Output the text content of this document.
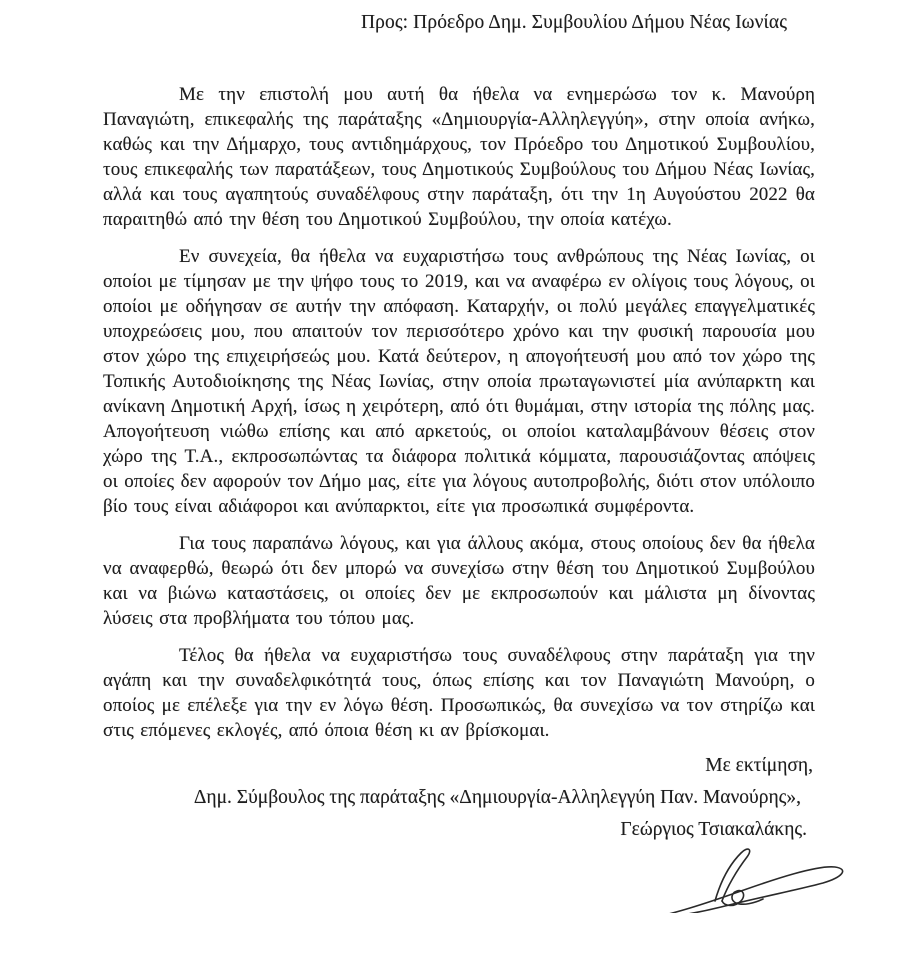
Προς: Πρόεδρο Δημ. Συμβουλίου Δήμου Νέας Ιωνίας

Με την επιστολή μου αυτή θα ήθελα να ενημερώσω τον κ. Μανούρη Παναγιώτη, επικεφαλής της παράταξης «Δημιουργία-Αλληλεγγύη», στην οποία ανήκω, καθώς και την Δήμαρχο, τους αντιδημάρχους, τον Πρόεδρο του Δημοτικού Συμβουλίου, τους επικεφαλής των παρατάξεων, τους Δημοτικούς Συμβούλους του Δήμου Νέας Ιωνίας, αλλά και τους αγαπητούς συναδέλφους στην παράταξη, ότι την 1η Αυγούστου 2022 θα παραιτηθώ από την θέση του Δημοτικού Συμβούλου, την οποία κατέχω.

Εν συνεχεία, θα ήθελα να ευχαριστήσω τους ανθρώπους της Νέας Ιωνίας, οι οποίοι με τίμησαν με την ψήφο τους το 2019, και να αναφέρω εν ολίγοις τους λόγους, οι οποίοι με οδήγησαν σε αυτήν την απόφαση. Καταρχήν, οι πολύ μεγάλες επαγγελματικές υποχρεώσεις μου, που απαιτούν τον περισσότερο χρόνο και την φυσική παρουσία μου στον χώρο της επιχειρήσεώς μου. Κατά δεύτερον, η απογοήτευσή μου από τον χώρο της Τοπικής Αυτοδιοίκησης της Νέας Ιωνίας, στην οποία πρωταγωνιστεί μία ανύπαρκτη και ανίκανη Δημοτική Αρχή, ίσως η χειρότερη, από ότι θυμάμαι, στην ιστορία της πόλης μας. Απογοήτευση νιώθω επίσης και από αρκετούς, οι οποίοι καταλαμβάνουν θέσεις στον χώρο της Τ.Α., εκπροσωπώντας τα διάφορα πολιτικά κόμματα, παρουσιάζοντας απόψεις οι οποίες δεν αφορούν τον Δήμο μας, είτε για λόγους αυτοπροβολής, διότι στον υπόλοιπο βίο τους είναι αδιάφοροι και ανύπαρκτοι, είτε για προσωπικά συμφέροντα.

Για τους παραπάνω λόγους, και για άλλους ακόμα, στους οποίους δεν θα ήθελα να αναφερθώ, θεωρώ ότι δεν μπορώ να συνεχίσω στην θέση του Δημοτικού Συμβούλου και να βιώνω καταστάσεις, οι οποίες δεν με εκπροσωπούν και μάλιστα μη δίνοντας λύσεις στα προβλήματα του τόπου μας.

Τέλος θα ήθελα να ευχαριστήσω τους συναδέλφους στην παράταξη για την αγάπη και την συναδελφικότητά τους, όπως επίσης και τον Παναγιώτη Μανούρη, ο οποίος με επέλεξε για την εν λόγω θέση. Προσωπικώς, θα συνεχίσω να τον στηρίζω και στις επόμενες εκλογές, από όποια θέση κι αν βρίσκομαι.

Με εκτίμηση,
Δημ. Σύμβουλος της παράταξης «Δημιουργία-Αλληλεγγύη Παν. Μανούρης»,
Γεώργιος Τσιακαλάκης.
